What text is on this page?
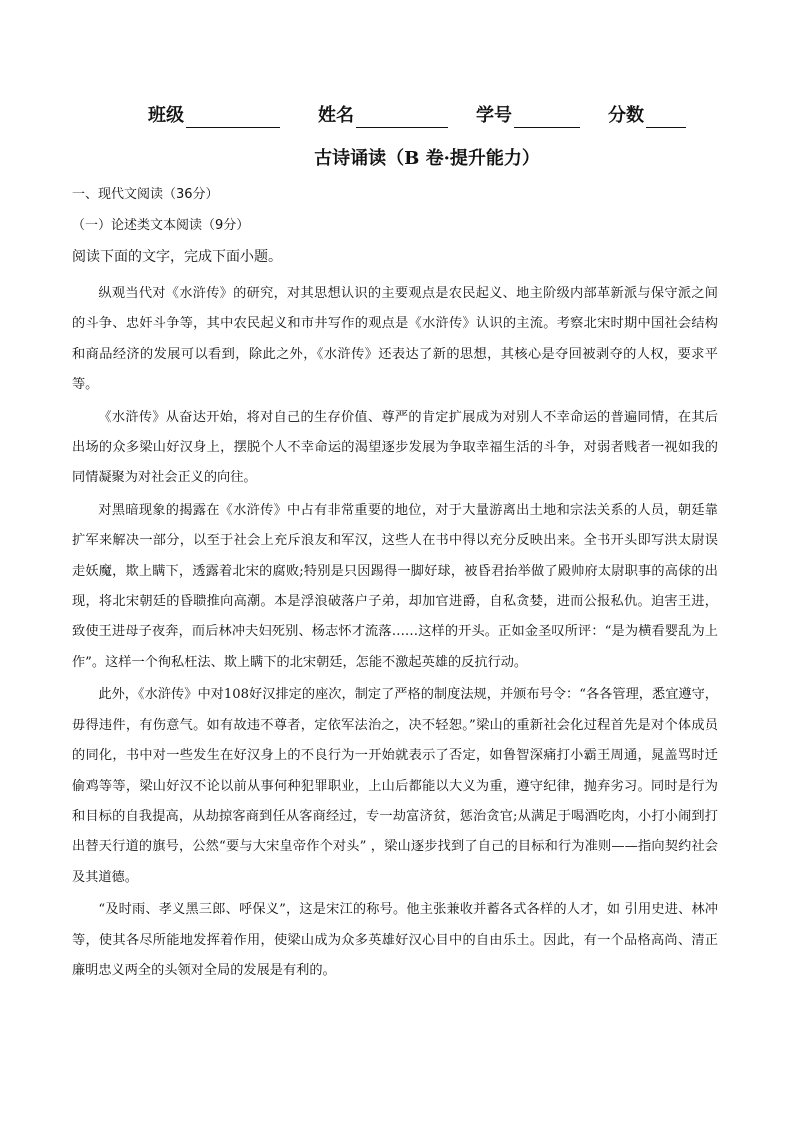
班级	姓名	学号	分数
古诗诵读（B 卷·提升能力）
一、现代文阅读（36分）
（一）论述类文本阅读（9分）
阅读下面的文字，完成下面小题。

纵观当代对《水浒传》的研究，对其思想认识的主要观点是农民起义、地主阶级内部革新派与保守派之间的斗争、忠奸斗争等，其中农民起义和市井写作的观点是《水浒传》认识的主流。考察北宋时期中国社会结构和商品经济的发展可以看到，除此之外，《水浒传》还表达了新的思想，其核心是夺回被剥夺的人权，要求平等。

《水浒传》从奋达开始，将对自己的生存价值、尊严的肯定扩展成为对别人不幸命运的普遍同情，在其后出场的众多梁山好汉身上，摆脱个人不幸命运的渴望逐步发展为争取幸福生活的斗争，对弱者贱者一视如我的同情凝聚为对社会正义的向往。

对黑暗现象的揭露在《水浒传》中占有非常重要的地位，对于大量游离出土地和宗法关系的人员，朝廷靠扩军来解决一部分，以至于社会上充斥浪友和军汉，这些人在书中得以充分反映出来。全书开头即写洪太尉误走妖魔，欺上瞒下，透露着北宋的腐败;特别是只因踢得一脚好球，被昏君抬举做了殿帅府太尉职事的高俅的出现，将北宋朝廷的昏聩推向高潮。本是浮浪破落户子弟，却加官进爵，自私贪婪，进而公报私仇。迫害王进，致使王进母子夜奔，而后林冲夫妇死别、杨志怀才流落……这样的开头。正如金圣叹所评：“是为横看婴乱为上作”。这样一个徇私枉法、欺上瞒下的北宋朝廷，怎能不激起英雄的反抗行动。

此外，《水浒传》中对108好汉排定的座次，制定了严格的制度法规，并颁布号令：“各各管理，悉宜遵守，毋得违件，有伤意气。如有故违不尊者，定依军法治之，决不轻恕。”梁山的重新社会化过程首先是对个体成员的同化，书中对一些发生在好汉身上的不良行为一开始就表示了否定，如鲁智深痛打小霸王周通，晁盖骂时迁偷鸡等等，梁山好汉不论以前从事何种犯罪职业，上山后都能以大义为重，遵守纪律，抛弃劣习。同时是行为和目标的自我提高，从劫掠客商到任从客商经过，专一劫富济贫，惩治贪官;从满足于喝酒吃肉，小打小闹到打出替天行道的旗号，公然“要与大宋皇帝作个对头” ，梁山逐步找到了自己的目标和行为准则——指向契约社会及其道德。

“及时雨、孝义黑三郎、呼保义”，这是宋江的称号。他主张兼收并蓄各式各样的人才，如 引用史进、林冲等，使其各尽所能地发挥着作用，使梁山成为众多英雄好汉心目中的自由乐土。因此，有一个品格高尚、清正廉明忠义两全的头领对全局的发展是有利的。
